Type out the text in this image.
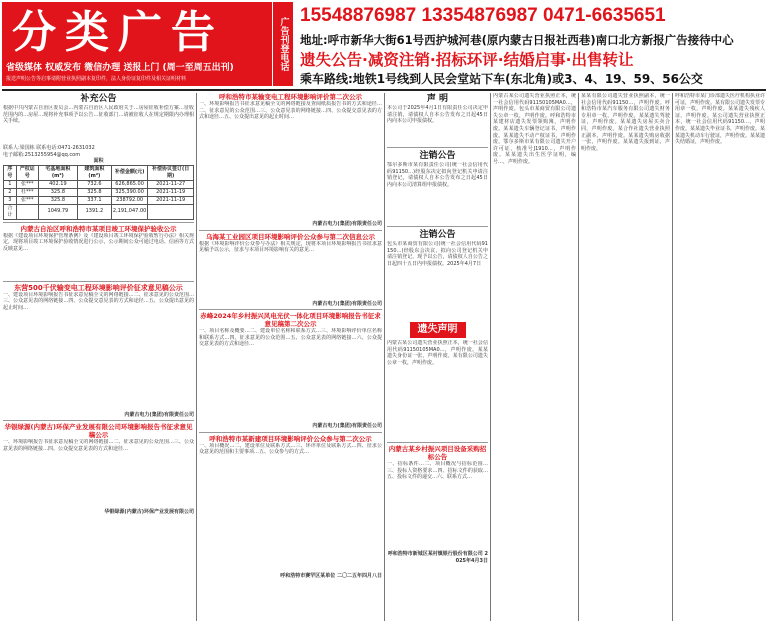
分类广告
省级媒体 权威发布 微信办理 送报上门 (周一至周五出刊)
报送声明公告等启事请附营业执照副本复印件，法人身份证复印件及相关证明材料
广告刊登电话
15548876987 13354876987 0471-6635651
地址:呼市新华大街61号西护城河巷(原内蒙古日报社西巷)南口北方新报广告接待中心
遗失公告·减资注销·招标环评·结婚启事·出售转让
乘车路线:地铁1号线到人民会堂站下车(东北角)或3、4、19、59、56公交
补充公告
根据中共内蒙古自治区委员会…内蒙古自治区人民政府关于…房屋征收补偿方案…征收范围内的…房屋…现将补充事项予以公告…征收部门…请被征收人在规定期限内办理相关手续。
联系人:梁国栋 联系电话:0471-2631032
电子邮箱:2513255954@qq.com
面积
序号	产权证号	宅基地面积(m²)	建筑面积(m²)	补偿金额(元)	补偿协议签订(日期)
1	张***	402.19	732.6	626,865.00	2021-11-27
2	杜***	325.8	325.8	325,390.00	2021-11-19
3	张***	325.8	337.1	238792.00	2021-11-19
合计		1049.79	1391.2	2,191,047.00	
内蒙古自治区呼和浩特市某项目竣工环境保护验收公示
根据《建设项目环境保护管理条例》及《建设项目竣工环境保护验收暂行办法》相关规定，现将项目竣工环境保护验收情况进行公示，公示期间公众可通过电话、信函等方式反映意见…
东营500千伏输变电工程环境影响评价征求意见稿公示
一、建设项目环境影响报告书征求意见稿全文的网络链接…二、征求意见的公众范围…三、公众意见表的网络链接…四、公众提交意见表的方式和途径…五、公众提出意见的起止时间…
内蒙古电力(集团)有限责任公司
华银绿源(内蒙古)环保产业发展有限公司环境影响报告书征求意见稿公示
一、环境影响报告书征求意见稿全文的网络链接…二、征求意见的公众范围…三、公众意见表的网络链接…四、公众提交意见表的方式和途径…
华银绿源(内蒙古)环保产业发展有限公司
呼和浩特市某输变电工程环境影响评价第二次公示
一、环境影响报告书征求意见稿全文的网络链接及查阅纸质报告书的方式和途径…二、征求意见的公众范围…三、公众意见表的网络链接…四、公众提交意见表的方式和途径…五、公众提出意见的起止时间…
内蒙古电力(集团)有限责任公司
乌海某工业园区项目环境影响评价公众参与第二次信息公示
根据《环境影响评价公众参与办法》相关规定，现将本项目环境影响报告书征求意见稿予以公示，征求与本项目环境影响有关的意见…
内蒙古电力(集团)有限责任公司
赤峰2024年乡村振兴风电光伏一体化项目环境影响报告书征求意见稿第二次公示
一、项目名称及概要…二、建设单位名称和联系方式…三、环境影响评价单位名称和联系方式…四、征求意见的公众范围…五、公众意见表的网络链接…六、公众提交意见表的方式和途径…
内蒙古电力(集团)有限责任公司
呼和浩特市某新建项目环境影响评价公众参与第二次公示
一、项目概况…二、建设单位及联系方式…三、环评单位及联系方式…四、征求公众意见的范围和主要事项…五、公众参与的方式…
呼和浩特市赛罕区某单位 二〇二五年四月八日
声 明
本公司于2025年4月1日有限责任公司决定申请注销，请债权人自本公告发布之日起45日内向本公司申报债权。
注销公告
鄂尔多斯市某有限责任公司(统一社会信用代码91150…)经股东决定拟向登记机关申请注销登记，请债权人自本公告发布之日起45日内向本公司清算组申报债权。
注销公告
包头市某商贸有限公司(统一社会信用代码91150…)经股东会决议，拟向公司登记机关申请注销登记，现予以公告，请债权人自公告之日起四十五日内申报债权。2025年4月7日
遗失声明
内蒙古某公司遗失营业执照正本，统一社会信用代码91150105MA0…，声明作废。某某遗失身份证一张，声明作废。某有限公司遗失公章一枚，声明作废。
内蒙古某乡村振兴项目设备采购招标公告
一、招标条件…二、项目概况与招标范围…三、投标人资格要求…四、招标文件的获取…五、投标文件的递交…六、联系方式…
呼和浩特市新城区某村镇银行股份有限公司 2025年4月3日
内蒙古某公司遗失营业执照正本，统一社会信用代码91150105MA0…，声明作废。包头市某商贸有限公司遗失公章一枚，声明作废。呼和浩特市某建材店遗失发票领购簿，声明作废。某某遗失车辆登记证书，声明作废。某某遗失不动产权证书，声明作废。鄂尔多斯市某有限公司遗失开户许可证，核准号J1910…，声明作废。某某遗失出生医学证明，编号…，声明作废。
某某有限公司遗失营业执照副本，统一社会信用代码91150…，声明作废。呼和浩特市某汽车服务有限公司遗失财务专用章一枚，声明作废。某某遗失驾驶证，声明作废。某某遗失房屋买卖合同，声明作废。某合作社遗失营业执照正副本，声明作废。某某遗失购房收据一张，声明作废。某某遗失报到证，声明作废。
呼和浩特市某门诊部遗失医疗机构执业许可证，声明作废。某有限公司遗失发票专用章一枚，声明作废。某某遗失残疾人证，声明作废。某公司遗失营业执照正本，统一社会信用代码91150…，声明作废。某某遗失毕业证书，声明作废。某某遗失机动车行驶证，声明作废。某某遗失结婚证，声明作废。
